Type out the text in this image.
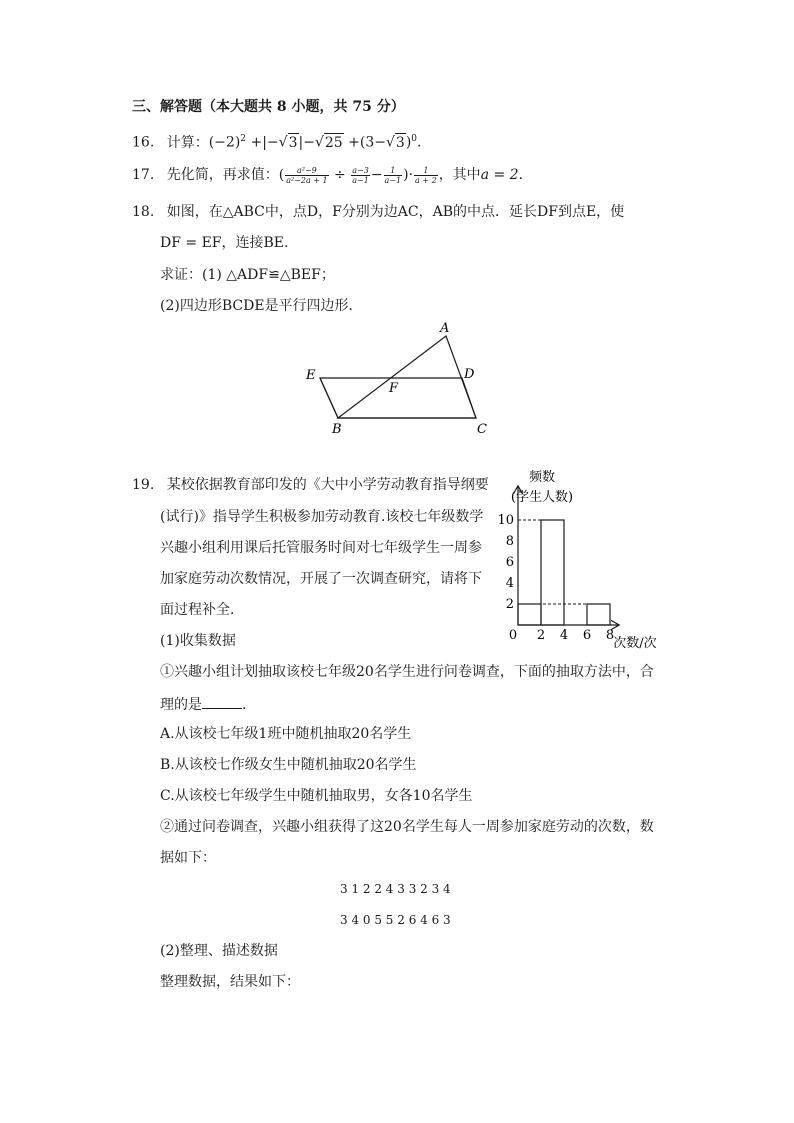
三、解答题（本大题共 8 小题，共 75 分）
16. 计算：$(-2)^2 +|-√3|-√25 +(3-√3)^0$.
17. 先化简，再求值：( $\frac{\text{a²−9}}{\text{a²−2a + 1}} \div \frac{a-3}{a-1} - \frac{1}{a-1}$ )· $\frac{1}{a + 2}$ ，其中a = 2.
18. 如图，在△ABC中，点D，F分别为边AC，AB的中点．延长DF到点E，使
DF = EF，连接BE．
求证：(1) △ADF≌△BEF；
(2)四边形BCDE是平行四边形．
A
B	C
D
E
F
19. 某校依据教育部印发的《大中小学劳动教育指导纲要
(试行)》指导学生积极参加劳动教育.该校七年级数学
兴趣小组利用课后托管服务时间对七年级学生一周参
加家庭劳动次数情况，开展了一次调查研究，请将下
面过程补全．
(1)收集数据
①兴趣小组计划抽取该校七年级20名学生进行问卷调查，下面的抽取方法中，合
理的是	.
A.从该校七年级1班中随机抽取20名学生
B.从该校七作级女生中随机抽取20名学生
C.从该校七年级学生中随机抽取男，女各10名学生
②通过问卷调查，兴趣小组获得了这20名学生每人一周参加家庭劳动的次数，数
据如下：
3 1 2 2 4 3 3 2 3 4
3 4 0 5 5 2 6 4 6 3
(2)整理、描述数据
整理数据，结果如下：
频数
(学生人数)
次数/次
0 2 4 6 8
2
4
6
8
10
